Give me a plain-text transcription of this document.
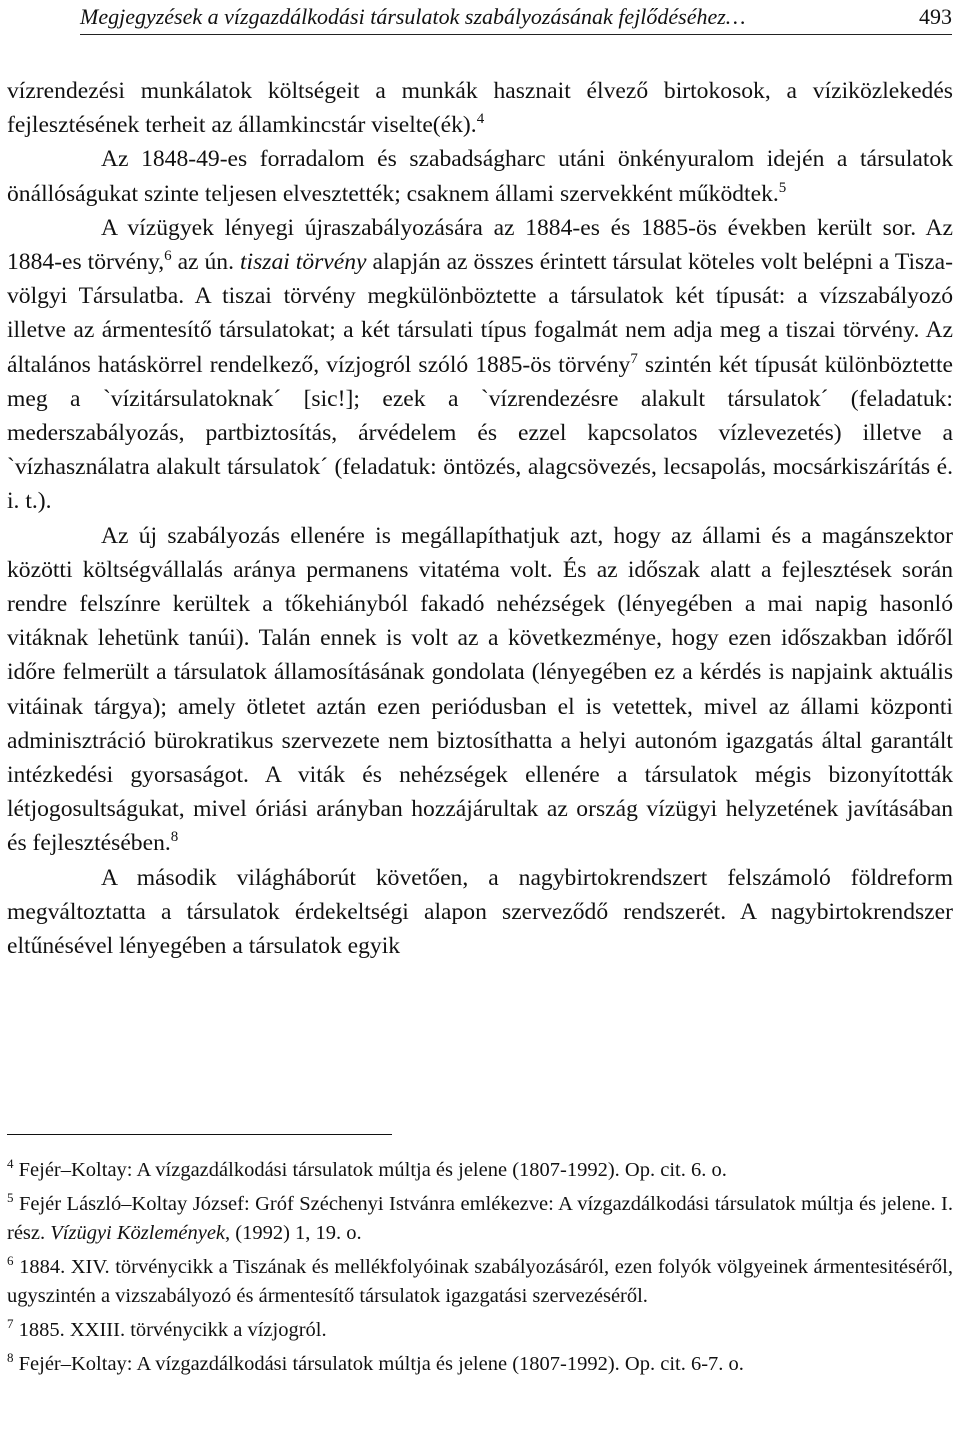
Megjegyzések a vízgazdálkodási társulatok szabályozásának fejlődéséhez…	493

vízrendezési munkálatok költségeit a munkák hasznait élvező birtokosok, a víziközlekedés fejlesztésének terheit az államkincstár viselte(ék).$^4$

Az 1848-49-es forradalom és szabadságharc utáni önkényuralom idején a társulatok önállóságukat szinte teljesen elvesztették; csaknem állami szervekként működtek.$^5$

A vízügyek lényegi újraszabályozására az 1884-es és 1885-ös években került sor. Az 1884-es törvény,$^6$ az ún. tiszai törvény alapján az összes érintett társulat köteles volt belépni a Tisza-völgyi Társulatba. A tiszai törvény megkülönböztette a társulatok két típusát: a vízszabályozó illetve az ármentesítő társulatokat; a két társulati típus fogalmát nem adja meg a tiszai törvény. Az általános hatáskörrel rendelkező, vízjogról szóló 1885-ös törvény$^7$ szintén két típusát különböztette meg a `vízitársulatoknak´ [sic!]; ezek a `vízrendezésre alakult társulatok´ (feladatuk: mederszabályozás, partbiztosítás, árvédelem és ezzel kapcsolatos vízlevezetés) illetve a `vízhasználatra alakult társulatok´ (feladatuk: öntözés, alagcsövezés, lecsapolás, mocsárkiszárítás é. i. t.).

Az új szabályozás ellenére is megállapíthatjuk azt, hogy az állami és a magánszektor közötti költségvállalás aránya permanens vitatéma volt. És az időszak alatt a fejlesztések során rendre felszínre kerültek a tőkehiányból fakadó nehézségek (lényegében a mai napig hasonló vitáknak lehetünk tanúi). Talán ennek is volt az a következménye, hogy ezen időszakban időről időre felmerült a társulatok államosításának gondolata (lényegében ez a kérdés is napjaink aktuális vitáinak tárgya); amely ötletet aztán ezen periódusban el is vetettek, mivel az állami központi adminisztráció bürokratikus szervezete nem biztosíthatta a helyi autonóm igazgatás által garantált intézkedési gyorsaságot. A viták és nehézségek ellenére a társulatok mégis bizonyították létjogosultságukat, mivel óriási arányban hozzájárultak az ország vízügyi helyzetének javításában és fejlesztésében.$^8$

A második világháborút követően, a nagybirtokrendszert felszámoló földreform megváltoztatta a társulatok érdekeltségi alapon szerveződő rendszerét. A nagybirtokrendszer eltűnésével lényegében a társulatok egyik

$^4$ Fejér–Koltay: A vízgazdálkodási társulatok múltja és jelene (1807-1992). Op. cit. 6. o.

$^5$ Fejér László–Koltay József: Gróf Széchenyi Istvánra emlékezve: A vízgazdálkodási társulatok múltja és jelene. I. rész. Vízügyi Közlemények, (1992) 1, 19. o.

$^6$ 1884. XIV. törvénycikk a Tiszának és mellékfolyóinak szabályozásáról, ezen folyók völgyeinek ármentesitéséről, ugyszintén a vizszabályozó és ármentesítő társulatok igazgatási szervezéséről.

$^7$ 1885. XXIII. törvénycikk a vízjogról.

$^8$ Fejér–Koltay: A vízgazdálkodási társulatok múltja és jelene (1807-1992). Op. cit. 6-7. o.
